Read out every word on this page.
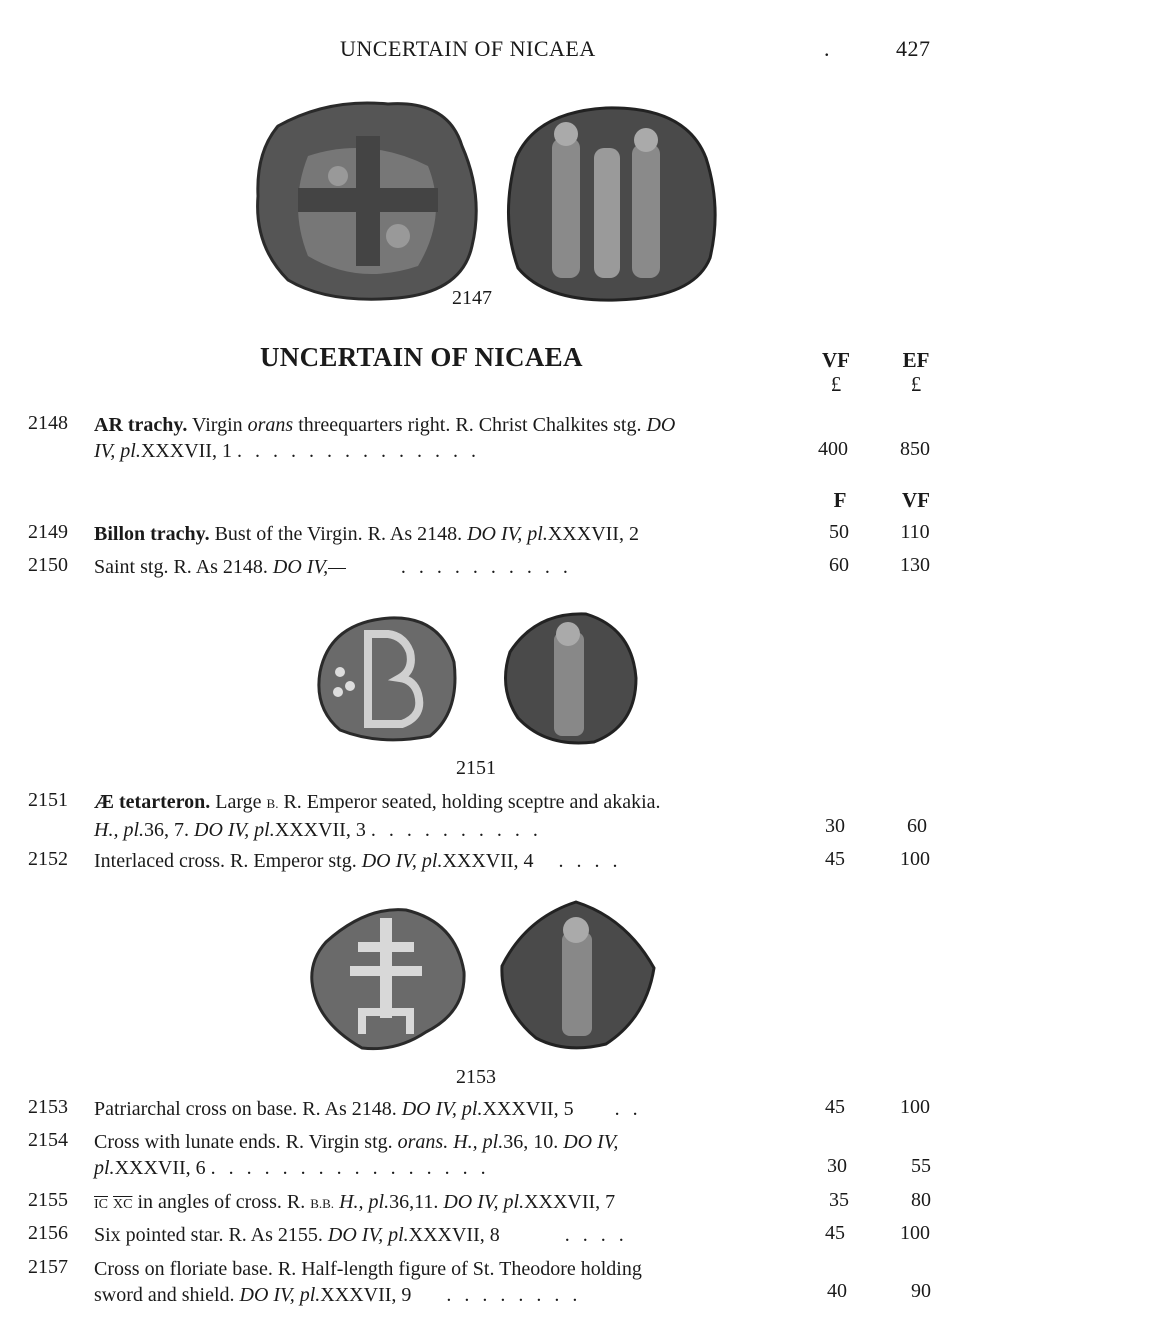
UNCERTAIN OF NICAEA	.	427
2147
UNCERTAIN OF NICAEA	VF	EF
£	£
2148	AR trachy. Virgin orans threequarters right. R. Christ Chalkites stg. DO
IV, pl.XXXVII, 1 . . . . . . . . . . . . . .	400	850
F	VF
2149	Billon trachy. Bust of the Virgin. R. As 2148. DO IV, pl.XXXVII, 2	50	110
2150	Saint stg. R. As 2148. DO IV,—	. . . . . . . . . .	60	130
2151
2151	Æ tetarteron. Large B. R. Emperor seated, holding sceptre and akakia.
H., pl.36, 7. DO IV, pl.XXXVII, 3 . . . . . . . . . .	30	60
2152	Interlaced cross. R. Emperor stg. DO IV, pl.XXXVII, 4 . . . .	45	100
2153
2153	Patriarchal cross on base. R. As 2148. DO IV, pl.XXXVII, 5 . .	45	100
2154	Cross with lunate ends. R. Virgin stg. orans. H., pl.36, 10. DO IV,
pl.XXXVII, 6 . . . . . . . . . . . . . . . .	30	55
2155	$\overline{IC}$ $\overline{XC}$ in angles of cross. R. B.B. H., pl.36,11. DO IV, pl.XXXVII, 7	35	80
2156	Six pointed star. R. As 2155. DO IV, pl.XXXVII, 8	. . . .	45	100
2157	Cross on floriate base. R. Half-length figure of St. Theodore holding
sword and shield. DO IV, pl.XXXVII, 9 . . . . . . . .	40	90
